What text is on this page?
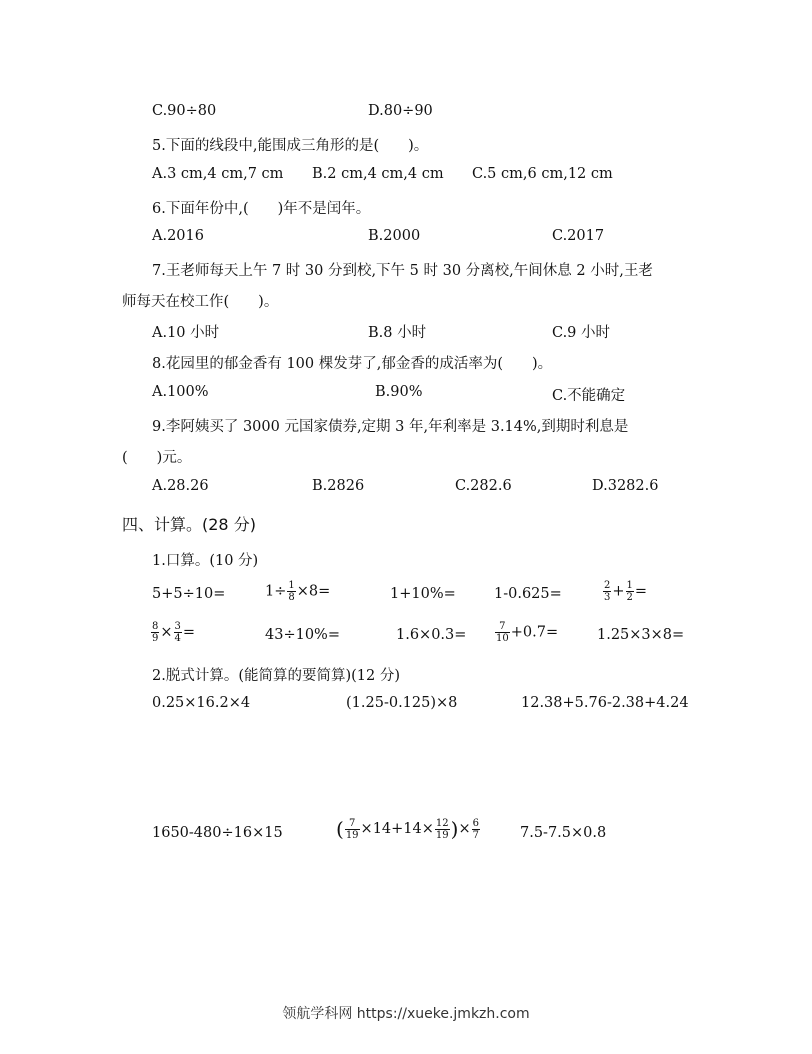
C.90÷80	D.80÷90
5.下面的线段中,能围成三角形的是(　　)。
A.3 cm,4 cm,7 cm B.2 cm,4 cm,4 cm C.5 cm,6 cm,12 cm
6.下面年份中,(　　)年不是闰年。
A.2016	B.2000	C.2017
7.王老师每天上午 7 时 30 分到校,下午 5 时 30 分离校,午间休息 2 小时,王老
师每天在校工作(　　)。
A.10 小时	B.8 小时	C.9 小时
8.花园里的郁金香有 100 棵发芽了,郁金香的成活率为(　　)。
A.100%	B.90%	C.不能确定
9.李阿姨买了 3000 元国家债券,定期 3 年,年利率是 3.14%,到期时利息是
(　　)元。
A.28.26	B.2826	C.282.6	D.3282.6
四、计算。(28 分)
1.口算。(10 分)
5+5÷10=	$1\div \frac{1}{8} \times 8=$	1+10%=	1-0.625=	$\frac{2}{3} + \frac{1}{2}$ =
$\frac{8}{9} \times \frac{3}{4}$ =	43÷10%=	1.6×0.3=	$\frac{7}{10} +0.7=$	1.25×3×8=
2.脱式计算。(能简算的要简算)(12 分)
0.25×16.2×4	(1.25-0.125)×8	12.38+5.76-2.38+4.24
1650-480÷16×15	( $\frac{7}{19} \times 14+14\times \frac{12}{19}$ )× $\frac{6}{7}$	7.5-7.5×0.8
领航学科网 https://xueke.jmkzh.com
